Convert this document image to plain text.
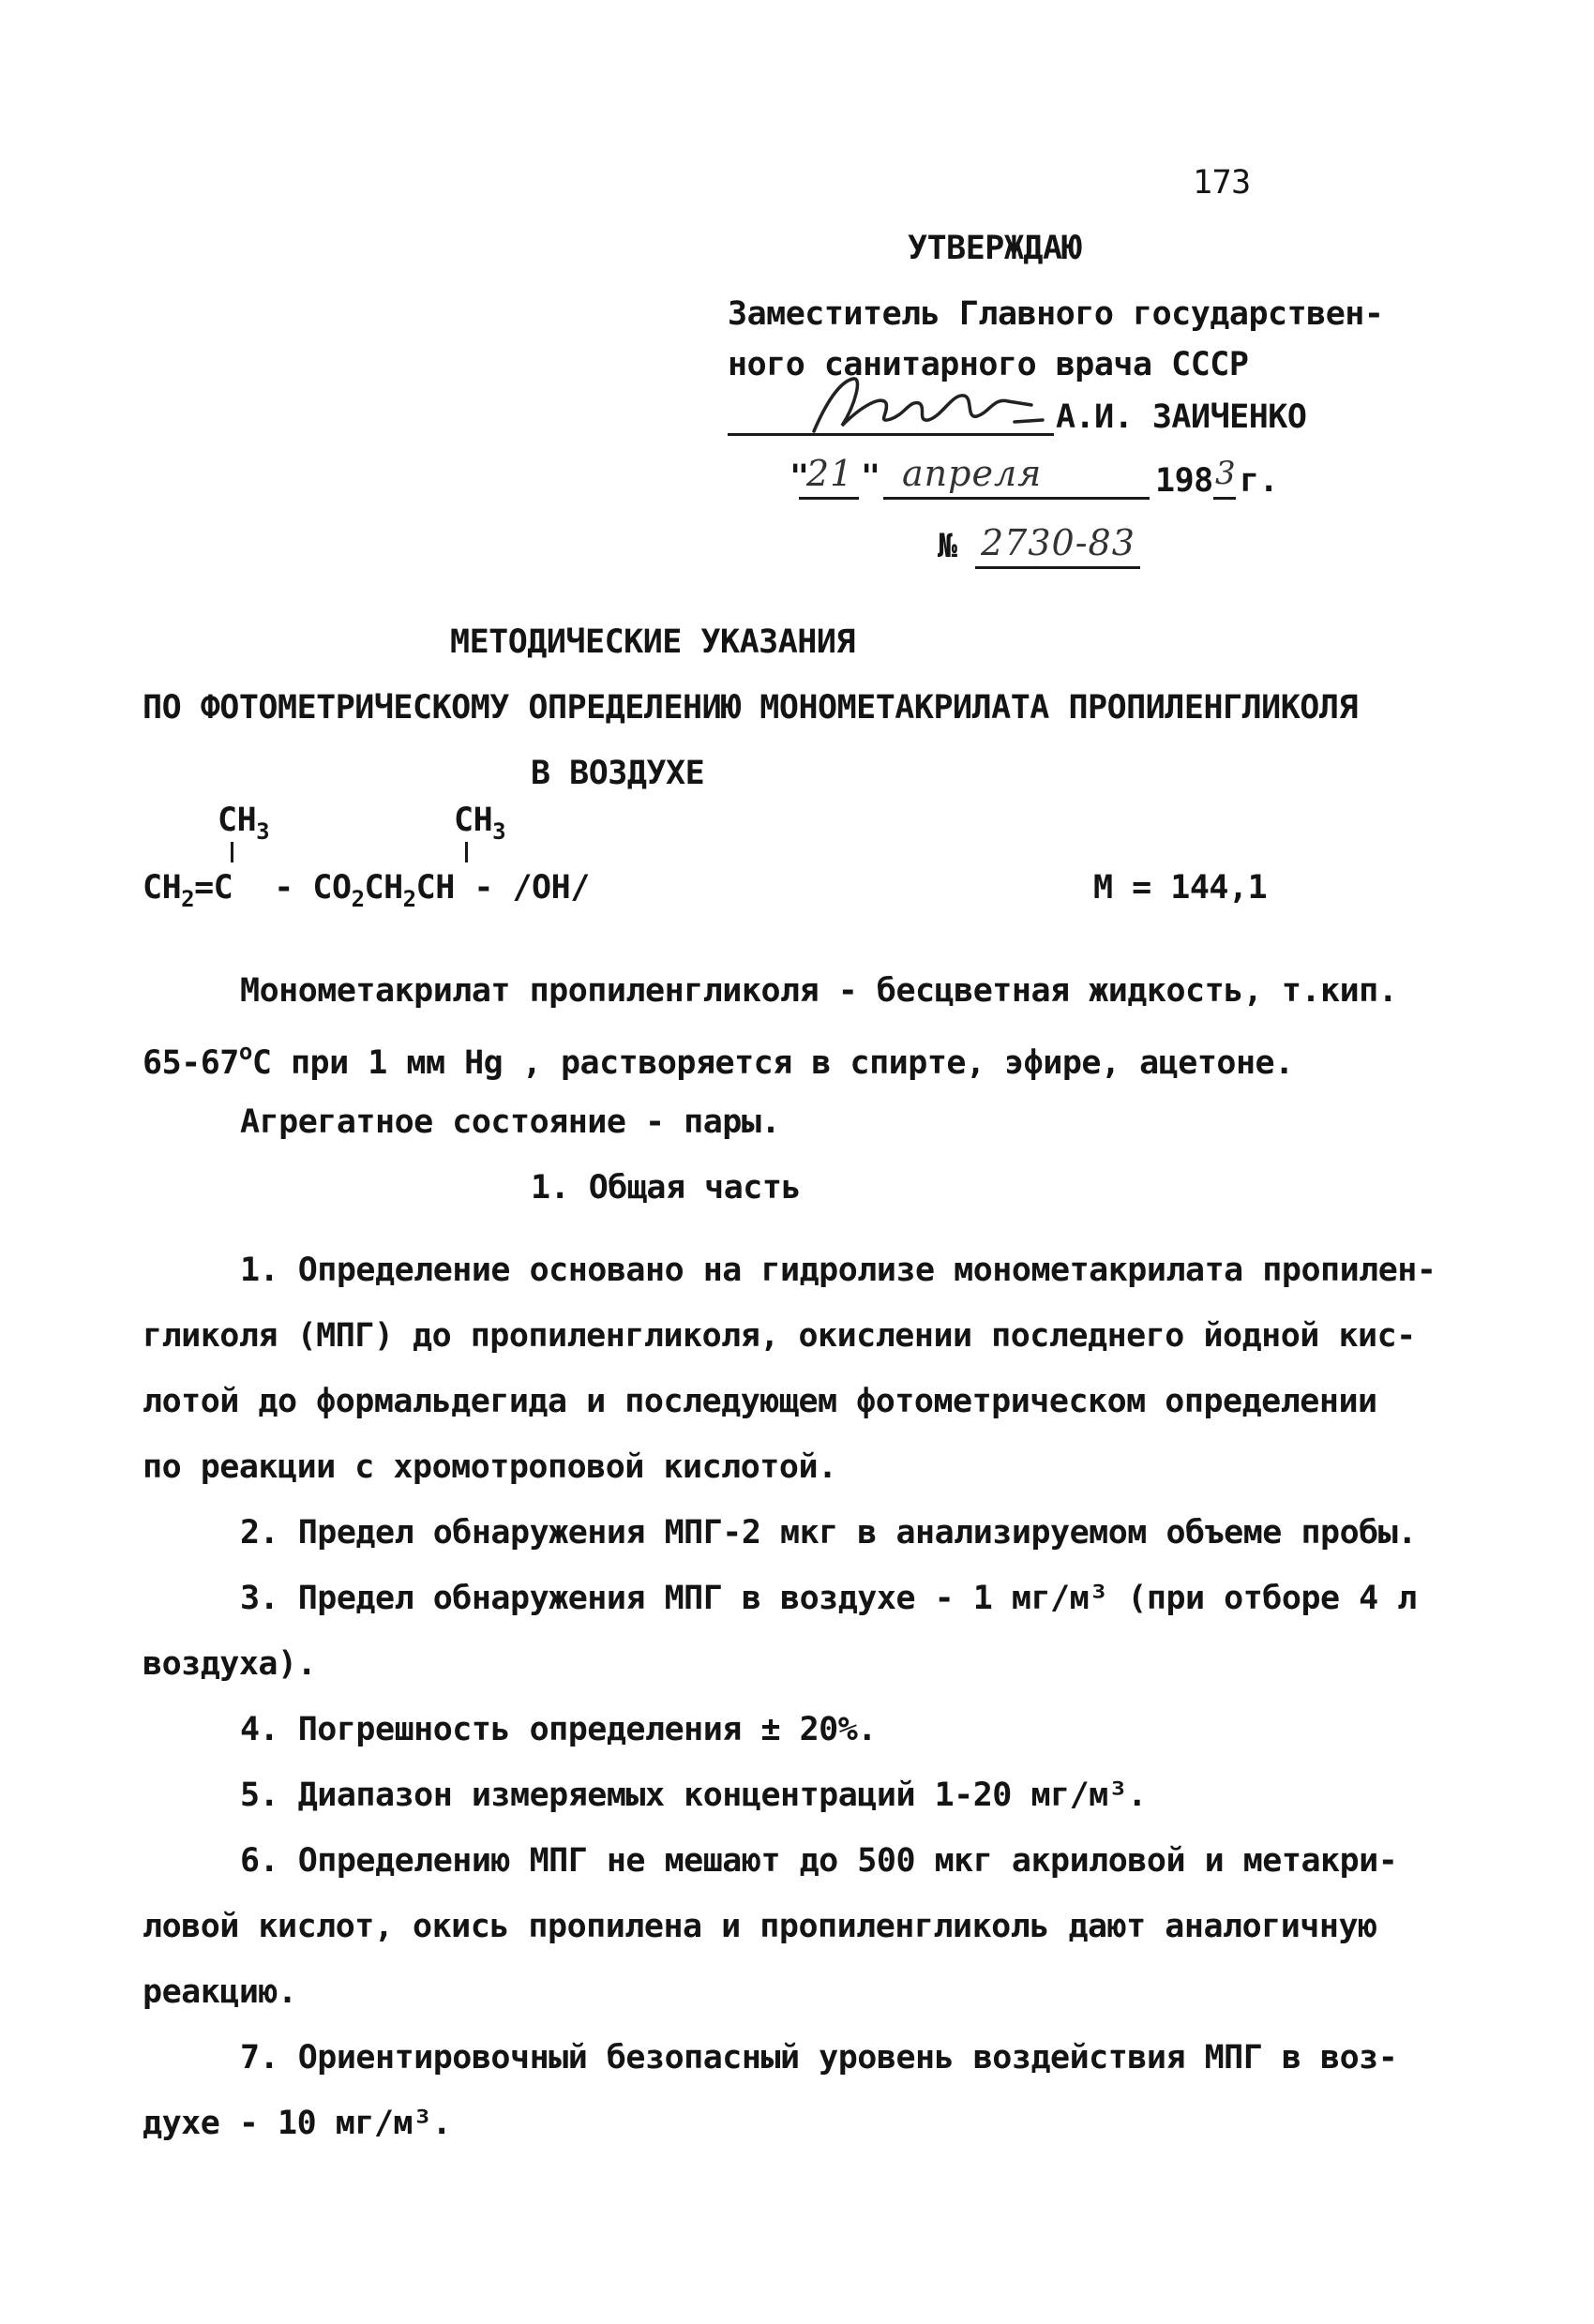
173
УТВЕРЖДАЮ
Заместитель Главного государствен-
ного санитарного врача СССР
А.И. ЗАИЧЕНКО
"
21 " апреля	198 3 г.
№ 2730-83
МЕТОДИЧЕСКИЕ УКАЗАНИЯ
ПО ФОТОМЕТРИЧЕСКОМУ ОПРЕДЕЛЕНИЮ МОНОМЕТАКРИЛАТА ПРОПИЛЕНГЛИКОЛЯ
В ВОЗДУХЕ
$CH_3$	$CH_3$
$CH_2=C - CO_2CH_2CH - /OH/$	M = 144,1
Монометакрилат пропиленгликоля - бесцветная жидкость, т.кип.
$65-67^оС$ при 1 мм Hg , растворяется в спирте, эфире, ацетоне.
Агрегатное состояние - пары.
1. Общая часть
1. Определение основано на гидролизе монометакрилата пропилен-
гликоля (МПГ) до пропиленгликоля, окислении последнего йодной кис-
лотой до формальдегида и последующем фотометрическом определении
по реакции с хромотроповой кислотой.
2. Предел обнаружения МПГ-2 мкг в анализируемом объеме пробы.
3. Предел обнаружения МПГ в воздухе - 1 мг/м³ (при отборе 4 л
воздуха).
4. Погрешность определения ± 20%.
5. Диапазон измеряемых концентраций 1-20 мг/м³.
6. Определению МПГ не мешают до 500 мкг акриловой и метакри-
ловой кислот, окись пропилена и пропиленгликоль дают аналогичную
реакцию.
7. Ориентировочный безопасный уровень воздействия МПГ в воз-
духе - 10 мг/м³.
